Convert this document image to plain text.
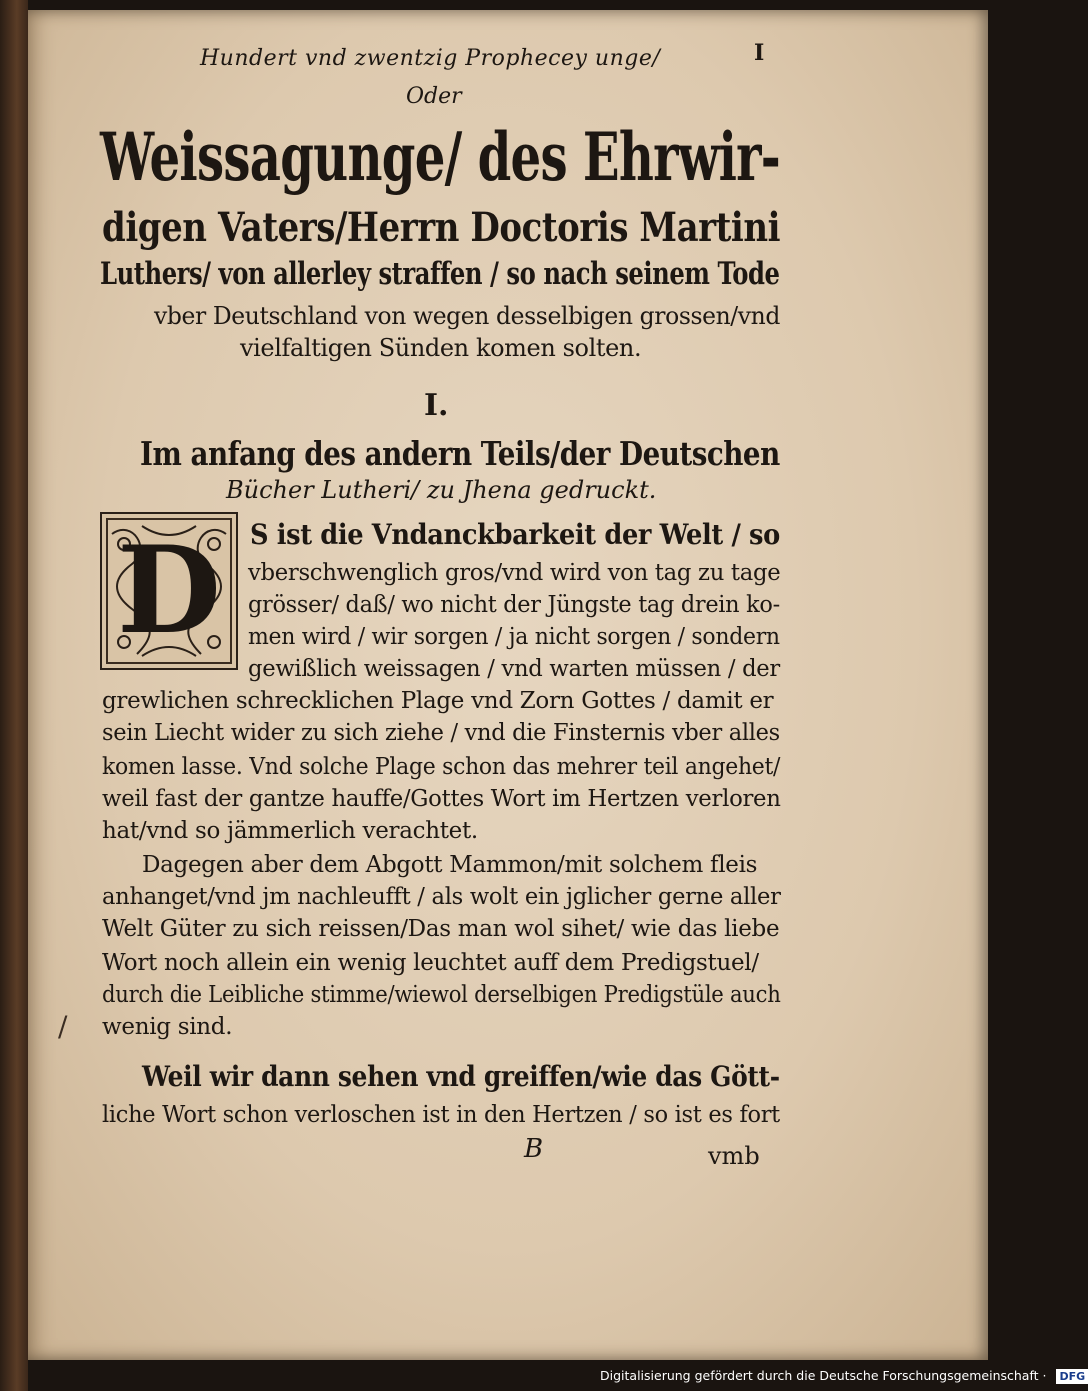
Hundert vnd zwentzig Prophecey unge/	I
Oder
Weissagunge/ des Ehrwir-
digen Vaters/Herrn Doctoris Martini
Luthers/ von allerley straffen / so nach seinem Tode
vber Deutschland von wegen desselbigen grossen/vnd
vielfaltigen Sünden komen solten.
I.
Im anfang des andern Teils/der Deutschen
Bücher Lutheri/ zu Jhena gedruckt.
D	S ist die Vndanckbarkeit der Welt / so
vberschwenglich gros/vnd wird von tag zu tage
grösser/ daß/ wo nicht der Jüngste tag drein ko-
men wird / wir sorgen / ja nicht sorgen / sondern
gewißlich weissagen / vnd warten müssen / der
grewlichen schrecklichen Plage vnd Zorn Gottes / damit er
sein Liecht wider zu sich ziehe / vnd die Finsternis vber alles
komen lasse. Vnd solche Plage schon das mehrer teil angehet/
weil fast der gantze hauffe/Gottes Wort im Hertzen verloren
hat/vnd so jämmerlich verachtet.
Dagegen aber dem Abgott Mammon/mit solchem fleis
anhanget/vnd jm nachleufft / als wolt ein jglicher gerne aller
Welt Güter zu sich reissen/Das man wol sihet/ wie das liebe
Wort noch allein ein wenig leuchtet auff dem Predigstuel/
durch die Leibliche stimme/wiewol derselbigen Predigstüle auch
wenig sind.
Weil wir dann sehen vnd greiffen/wie das Gött-
liche Wort schon verloschen ist in den Hertzen / so ist es fort
/
B	vmb
Digitalisierung gefördert durch die Deutsche Forschungsgemeinschaft · DFG
